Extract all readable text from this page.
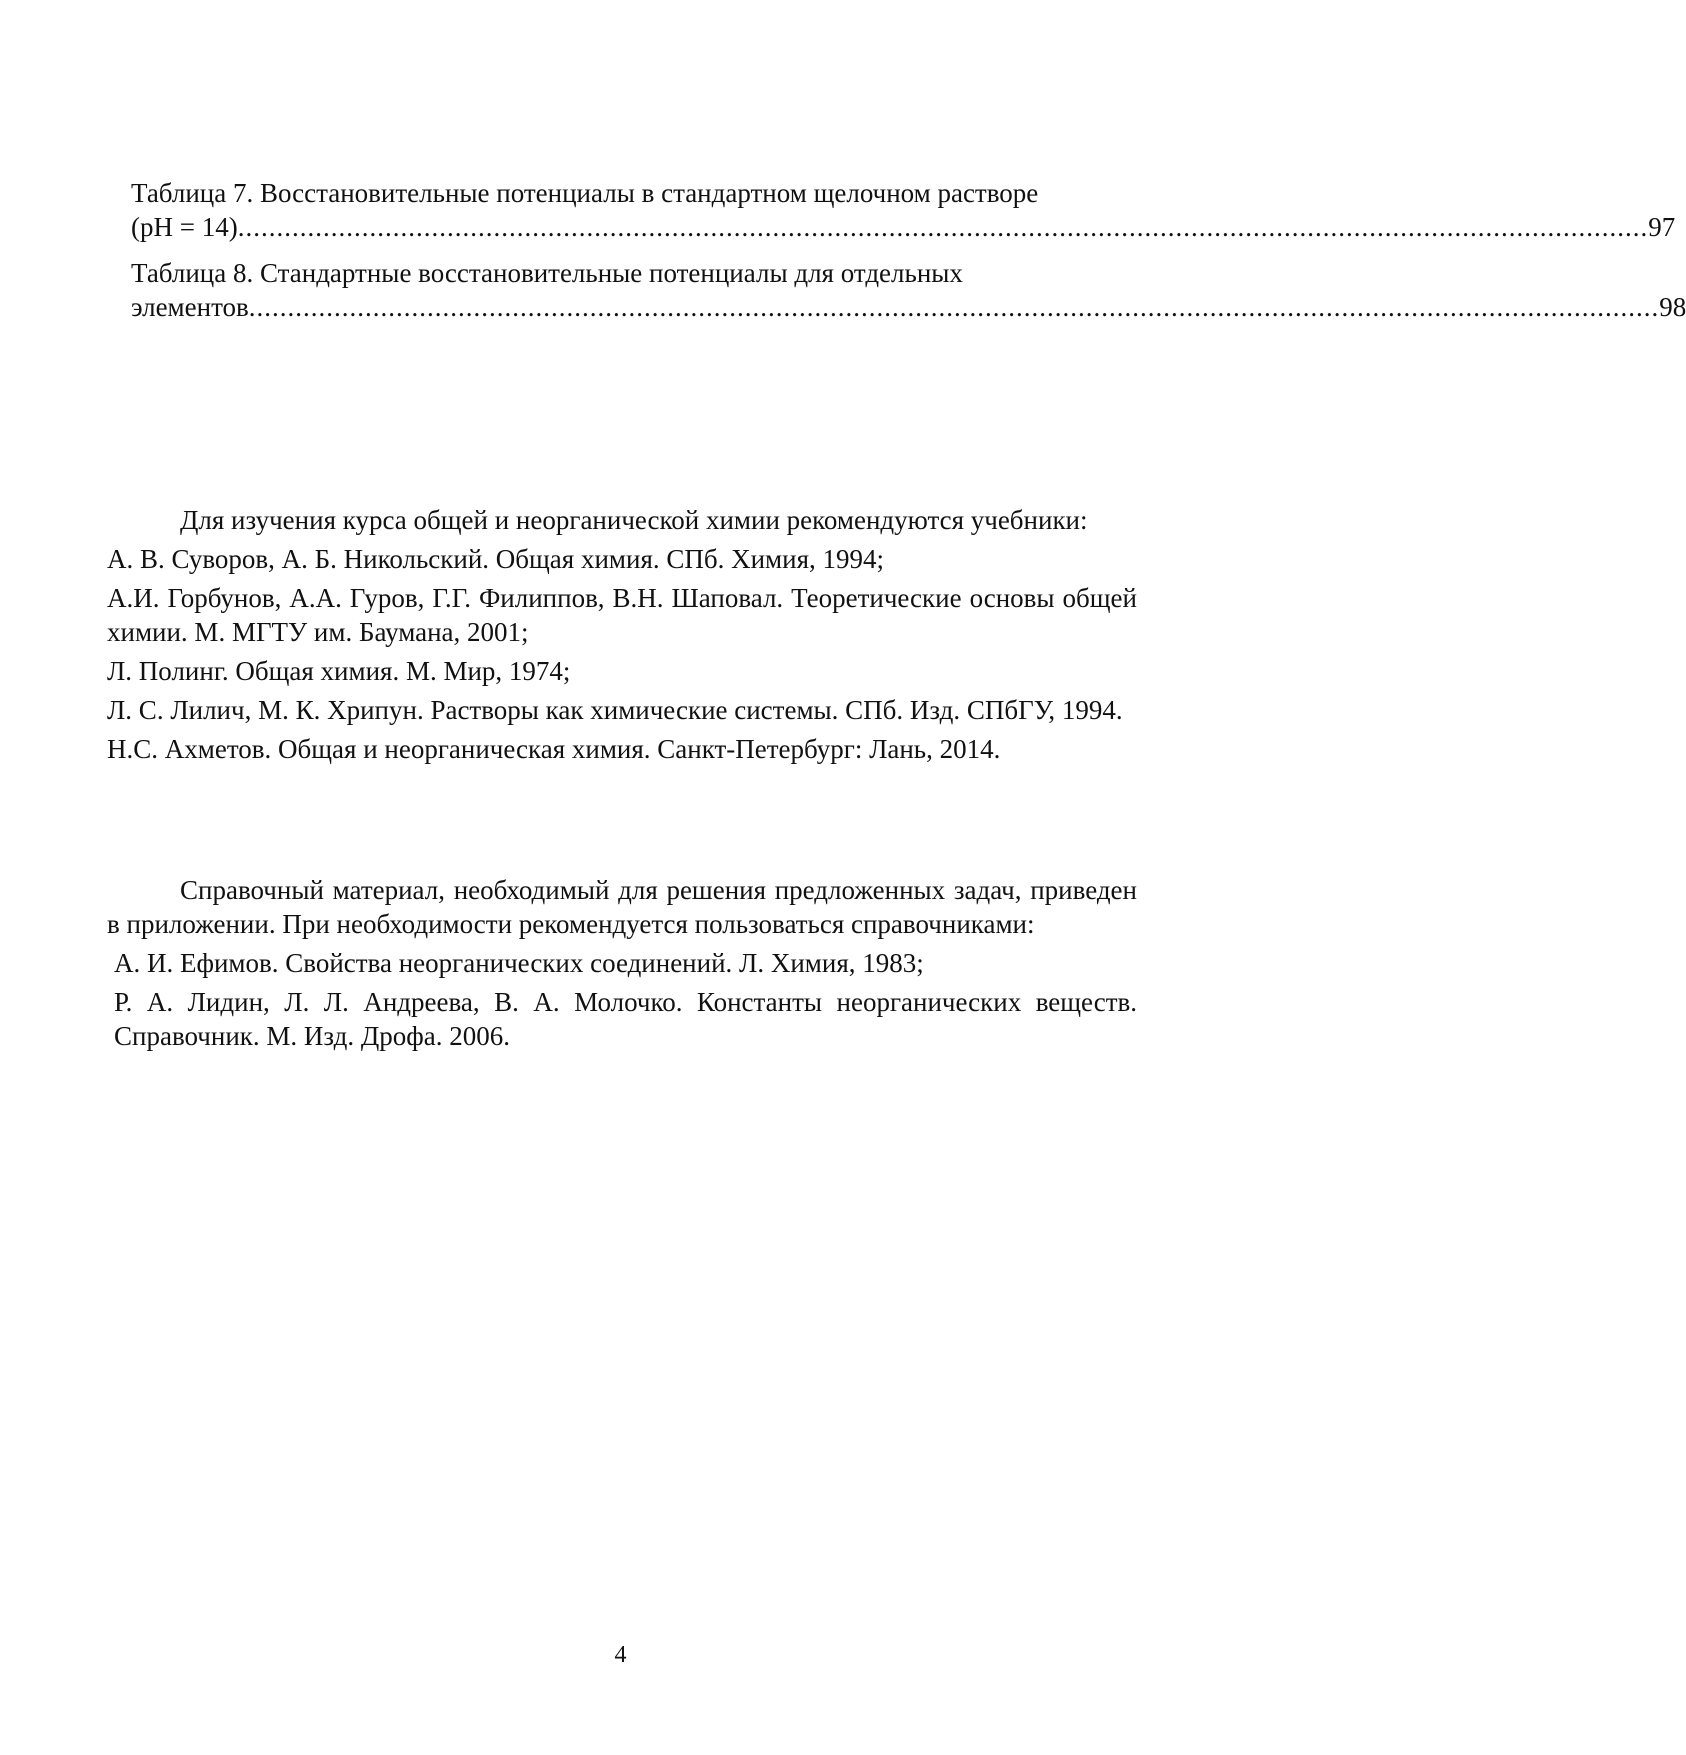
Таблица 7. Восстановительные потенциалы в стандартном щелочном растворе
(pH = 14) ...................................................................................................................................................................................... 97
Таблица 8. Стандартные восстановительные потенциалы для отдельных
элементов ...................................................................................................................................................................................... 98

Для изучения курса общей и неорганической химии рекомендуются учебники:

А. В. Суворов, А. Б. Никольский. Общая химия. СПб. Химия, 1994;

А.И. Горбунов, А.А. Гуров, Г.Г. Филиппов, В.Н. Шаповал. Теоретические основы общей химии. М. МГТУ им. Баумана, 2001;

Л. Полинг. Общая химия. М. Мир, 1974;

Л. С. Лилич, М. К. Хрипун. Растворы как химические системы. СПб. Изд. СПбГУ, 1994.

Н.С. Ахметов. Общая и неорганическая химия. Санкт-Петербург: Лань, 2014.

Справочный материал, необходимый для решения предложенных задач, приведен в приложении. При необходимости рекомендуется пользоваться справочниками:

А. И. Ефимов. Свойства неорганических соединений. Л. Химия, 1983;

Р. А. Лидин, Л. Л. Андреева, В. А. Молочко. Константы неорганических веществ. Справочник. М. Изд. Дрофа. 2006.

4
